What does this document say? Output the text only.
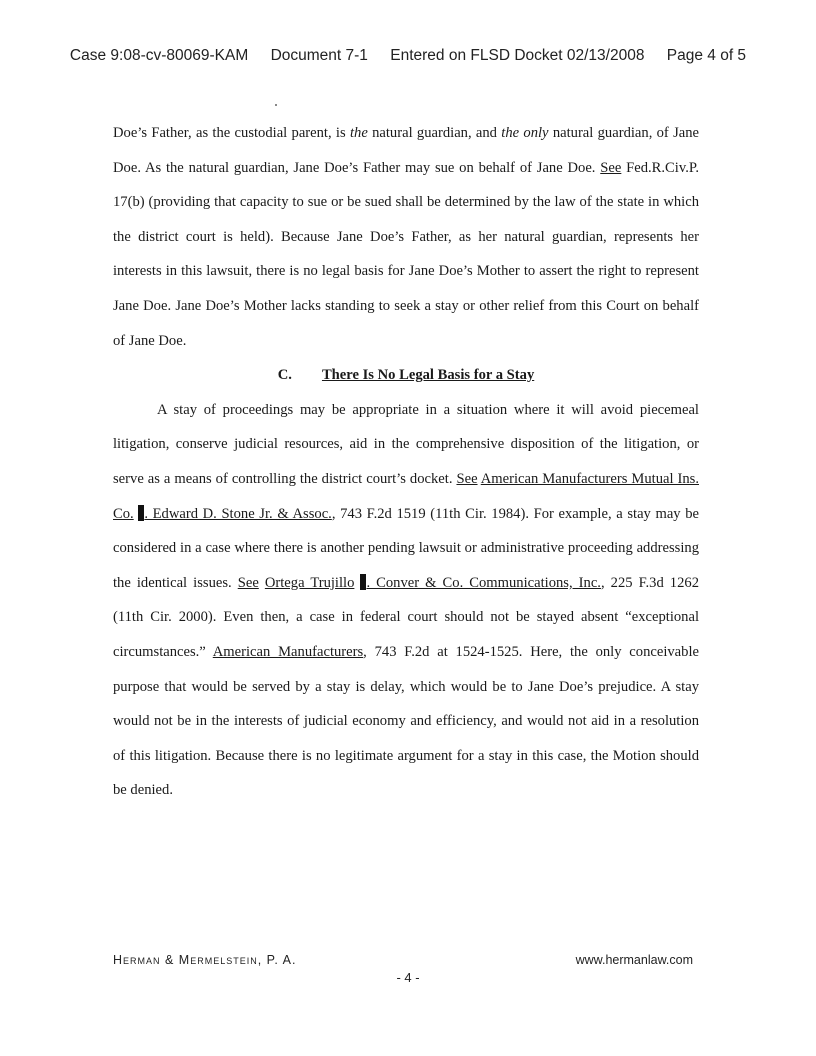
Case 9:08-cv-80069-KAM Document 7-1 Entered on FLSD Docket 02/13/2008 Page 4 of 5

Doe’s Father, as the custodial parent, is the natural guardian, and the only natural guardian, of Jane Doe. As the natural guardian, Jane Doe’s Father may sue on behalf of Jane Doe. See Fed.R.Civ.P. 17(b) (providing that capacity to sue or be sued shall be determined by the law of the state in which the district court is held). Because Jane Doe’s Father, as her natural guardian, represents her interests in this lawsuit, there is no legal basis for Jane Doe’s Mother to assert the right to represent Jane Doe. Jane Doe’s Mother lacks standing to seek a stay or other relief from this Court on behalf of Jane Doe.

C. There Is No Legal Basis for a Stay

A stay of proceedings may be appropriate in a situation where it will avoid piecemeal litigation, conserve judicial resources, aid in the comprehensive disposition of the litigation, or serve as a means of controlling the district court’s docket. See American Manufacturers Mutual Ins. Co. . Edward D. Stone Jr. & Assoc., 743 F.2d 1519 (11th Cir. 1984). For example, a stay may be considered in a case where there is another pending lawsuit or administrative proceeding addressing the identical issues. See Ortega Trujillo . Conver & Co. Communications, Inc., 225 F.3d 1262 (11th Cir. 2000). Even then, a case in federal court should not be stayed absent “exceptional circumstances.” American Manufacturers, 743 F.2d at 1524-1525. Here, the only conceivable purpose that would be served by a stay is delay, which would be to Jane Doe’s prejudice. A stay would not be in the interests of judicial economy and efficiency, and would not aid in a resolution of this litigation. Because there is no legitimate argument for a stay in this case, the Motion should be denied.

Herman & Mermelstein, P. A.	www.hermanlaw.com
- 4 -
